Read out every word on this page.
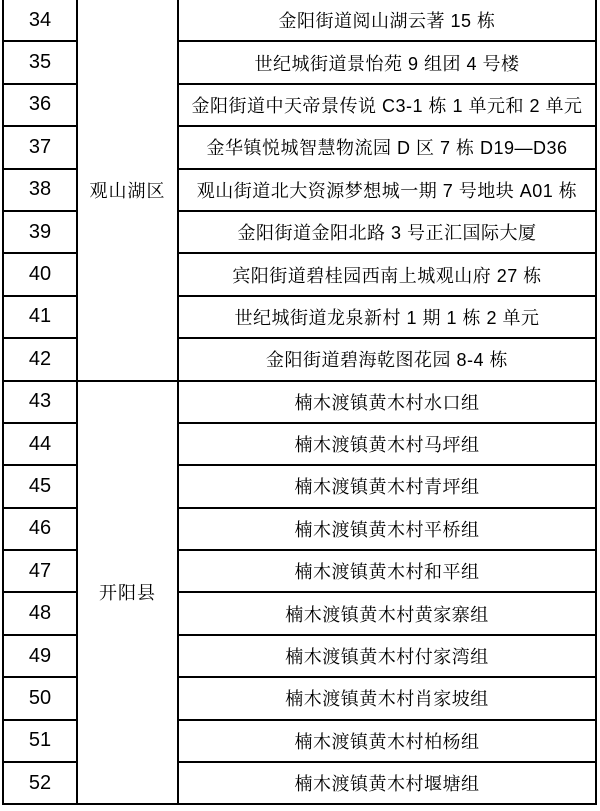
34	观山湖区	金阳街道阅山湖云著 15 栋
35		世纪城街道景怡苑 9 组团 4 号楼
36		金阳街道中天帝景传说 C3-1 栋 1 单元和 2 单元
37		金华镇悦城智慧物流园 D 区 7 栋 D19—D36
38		观山街道北大资源梦想城一期 7 号地块 A01 栋
39		金阳街道金阳北路 3 号正汇国际大厦
40		宾阳街道碧桂园西南上城观山府 27 栋
41		世纪城街道龙泉新村 1 期 1 栋 2 单元
42		金阳街道碧海乾图花园 8-4 栋
43	开阳县	楠木渡镇黄木村水口组
44		楠木渡镇黄木村马坪组
45		楠木渡镇黄木村青坪组
46		楠木渡镇黄木村平桥组
47		楠木渡镇黄木村和平组
48		楠木渡镇黄木村黄家寨组
49		楠木渡镇黄木村付家湾组
50		楠木渡镇黄木村肖家坡组
51		楠木渡镇黄木村柏杨组
52		楠木渡镇黄木村堰塘组
